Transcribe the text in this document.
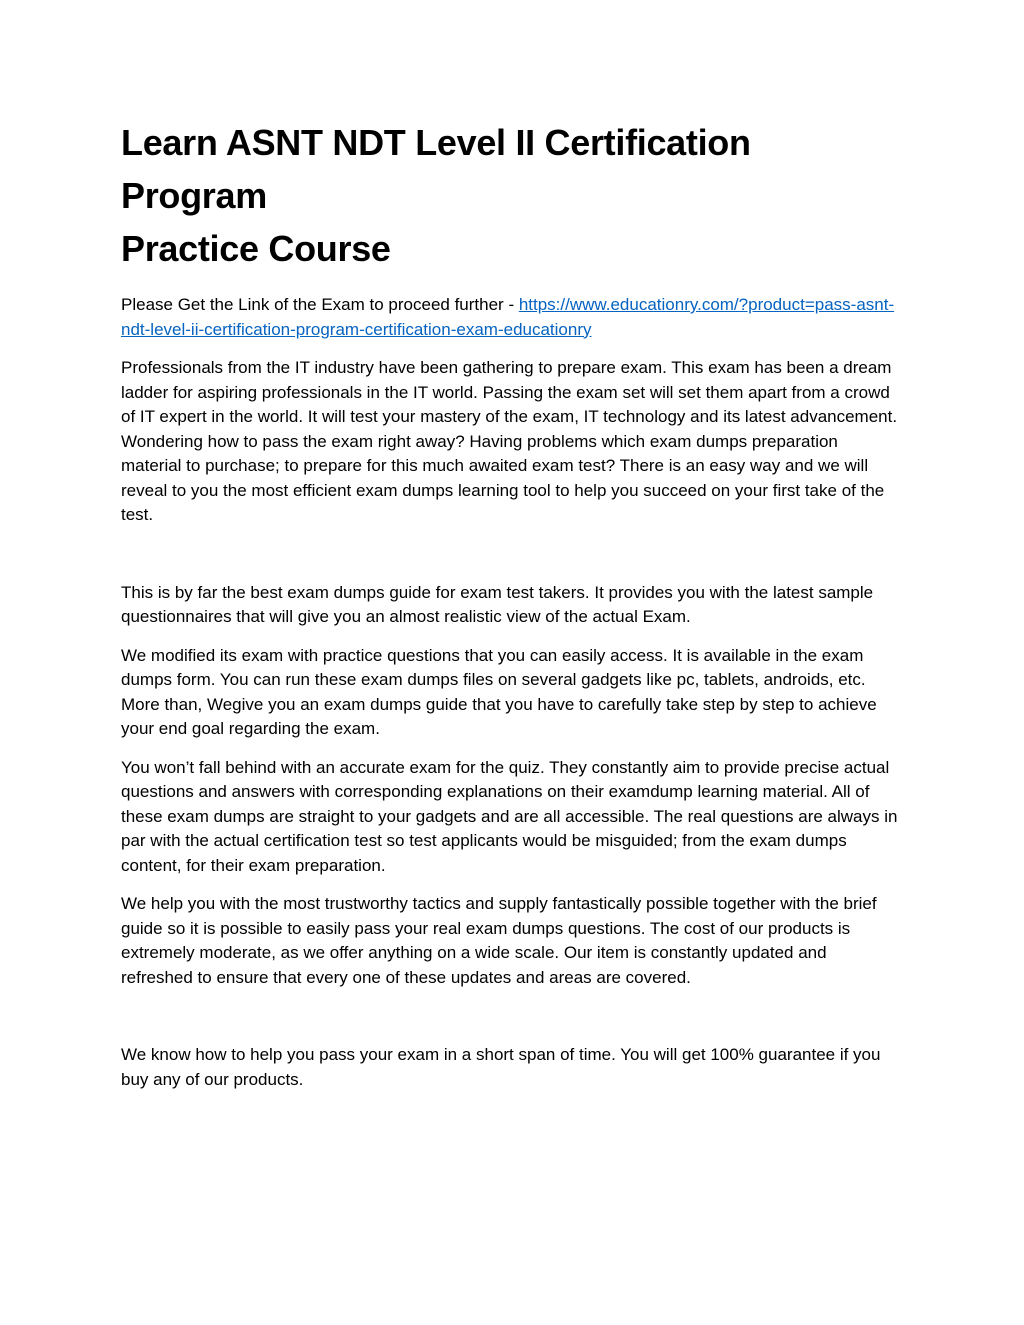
Learn ASNT NDT Level II Certification Program
Practice Course

Please Get the Link of the Exam to proceed further - https://www.educationry.com/?product=pass-asnt-ndt-level-ii-certification-program-certification-exam-educationry

Professionals from the IT industry have been gathering to prepare exam. This exam has been a dream ladder for aspiring professionals in the IT world. Passing the exam set will set them apart from a crowd of IT expert in the world. It will test your mastery of the exam, IT technology and its latest advancement. Wondering how to pass the exam right away? Having problems which exam dumps preparation material to purchase; to prepare for this much awaited exam test? There is an easy way and we will reveal to you the most efficient exam dumps learning tool to help you succeed on your first take of the test.

This is by far the best exam dumps guide for exam test takers. It provides you with the latest sample questionnaires that will give you an almost realistic view of the actual Exam.

We modified its exam with practice questions that you can easily access. It is available in the exam dumps form. You can run these exam dumps files on several gadgets like pc, tablets, androids, etc. More than, Wegive you an exam dumps guide that you have to carefully take step by step to achieve your end goal regarding the exam.

You won’t fall behind with an accurate exam for the quiz. They constantly aim to provide precise actual questions and answers with corresponding explanations on their examdump learning material. All of these exam dumps are straight to your gadgets and are all accessible. The real questions are always in par with the actual certification test so test applicants would be misguided; from the exam dumps content, for their exam preparation.

We help you with the most trustworthy tactics and supply fantastically possible together with the brief guide so it is possible to easily pass your real exam dumps questions. The cost of our products is extremely moderate, as we offer anything on a wide scale. Our item is constantly updated and refreshed to ensure that every one of these updates and areas are covered.

We know how to help you pass your exam in a short span of time. You will get 100% guarantee if you buy any of our products.
